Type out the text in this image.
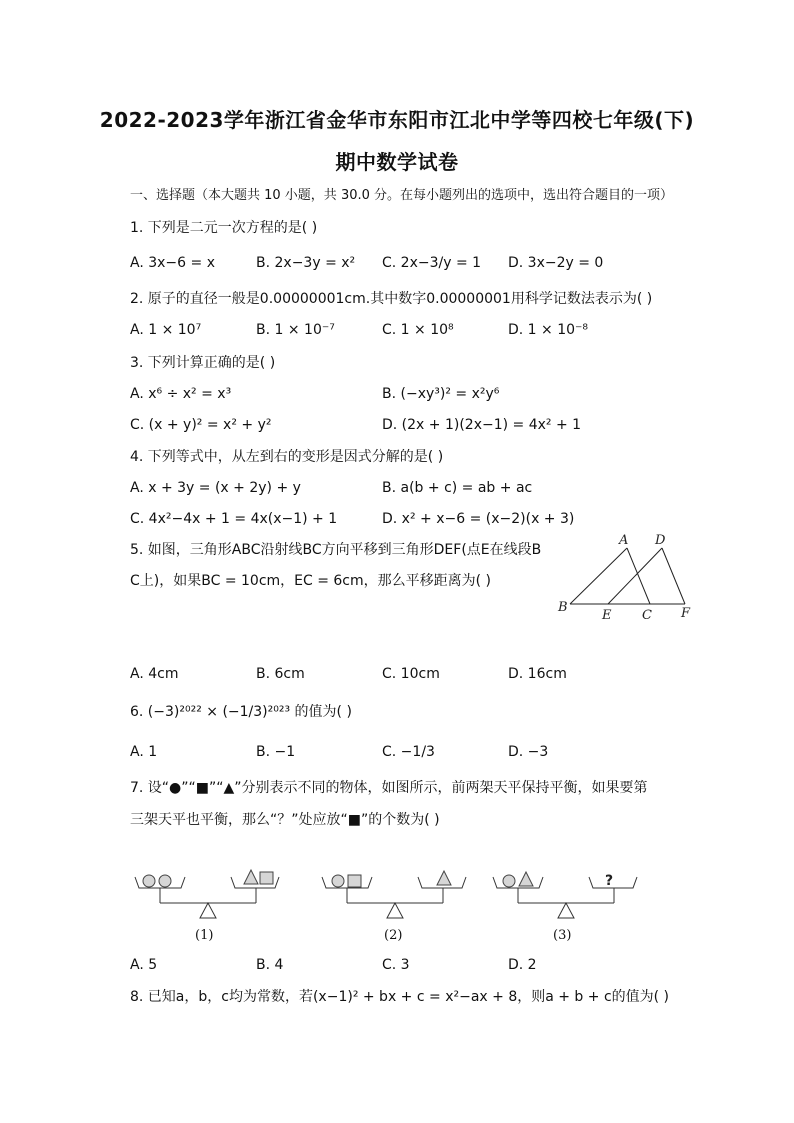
2022-2023学年浙江省金华市东阳市江北中学等四校七年级(下)
期中数学试卷
一、选择题（本大题共 10 小题，共 30.0 分。在每小题列出的选项中，选出符合题目的一项）
1. 下列是二元一次方程的是( )
A. 3x−6 = x	B. 2x−3y = x² C. 2x−3/y = 1 D. 3x−2y = 0
2. 原子的直径一般是0.00000001cm.其中数字0.00000001用科学记数法表示为( )
A. 1 × 10⁷	B. 1 × 10⁻⁷	C. 1 × 10⁸	D. 1 × 10⁻⁸
3. 下列计算正确的是( )
A. x⁶ ÷ x² = x³	B. (−xy³)² = x²y⁶
C. (x + y)² = x² + y²	D. (2x + 1)(2x−1) = 4x² + 1
4. 下列等式中，从左到右的变形是因式分解的是( )
A. x + 3y = (x + 2y) + y	B. a(b + c) = ab + ac
C. 4x²−4x + 1 = 4x(x−1) + 1	D. x² + x−6 = (x−2)(x + 3)
5. 如图，三角形ABC沿射线BC方向平移到三角形DEF(点E在线段B
C上)，如果BC = 10cm，EC = 6cm，那么平移距离为( )
A D
B
E C F
A. 4cm	B. 6cm	C. 10cm	D. 16cm
6. (−3)²⁰²² × (−1/3)²⁰²³ 的值为( )
A. 1	B. −1	C. −1/3	D. −3
7. 设“●”“■”“▲”分别表示不同的物体，如图所示，前两架天平保持平衡，如果要第
三架天平也平衡，那么“？”处应放“■”的个数为( )
(1)	(2)
?
(3)
A. 5	B. 4	C. 3	D. 2
8. 已知a，b，c均为常数，若(x−1)² + bx + c = x²−ax + 8，则a + b + c的值为( )
